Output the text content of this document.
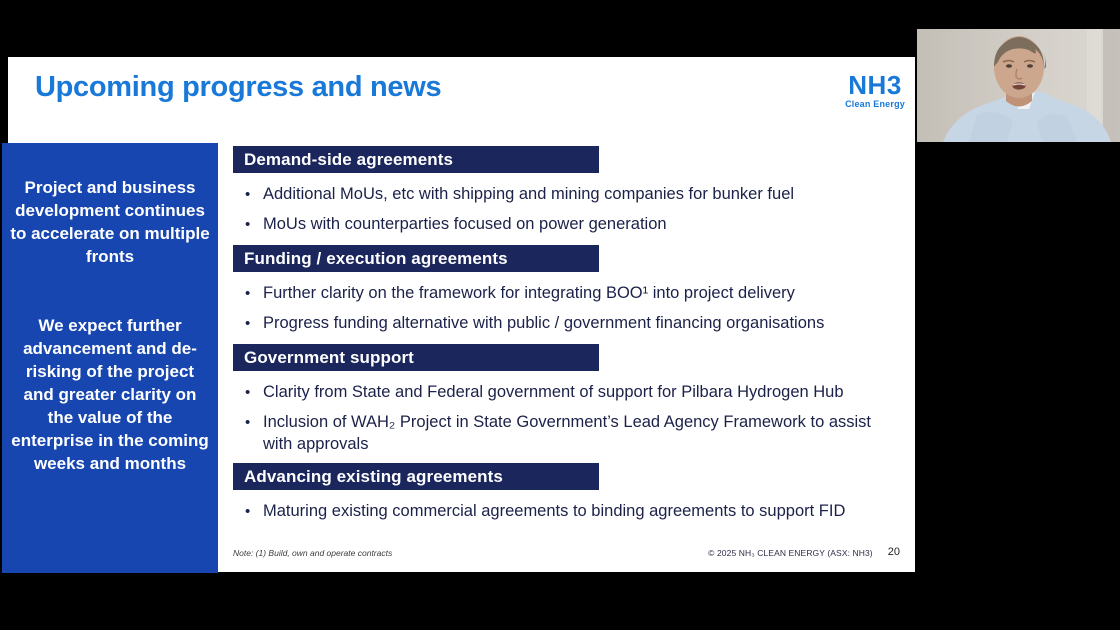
Upcoming progress and news	NH3
Clean Energy
Demand-side agreements
•
Additional MoUs, etc with shipping and mining companies for bunker fuel
•
MoUs with counterparties focused on power generation
Funding / execution agreements
•
Further clarity on the framework for integrating BOO¹ into project delivery
•
Progress funding alternative with public / government financing organisations
Government support
•
Clarity from State and Federal government of support for Pilbara Hydrogen Hub
•
Inclusion of WAH₂ Project in State Government’s Lead Agency Framework to assist with approvals
Advancing existing agreements
•
Maturing existing commercial agreements to binding agreements to support FID
Note: (1) Build, own and operate contracts	© 2025 NH₃ CLEAN ENERGY (ASX: NH3) 20

Project and business development continues to accelerate on multiple fronts

We expect further advancement and de-risking of the project and greater clarity on the value of the enterprise in the coming weeks and months
